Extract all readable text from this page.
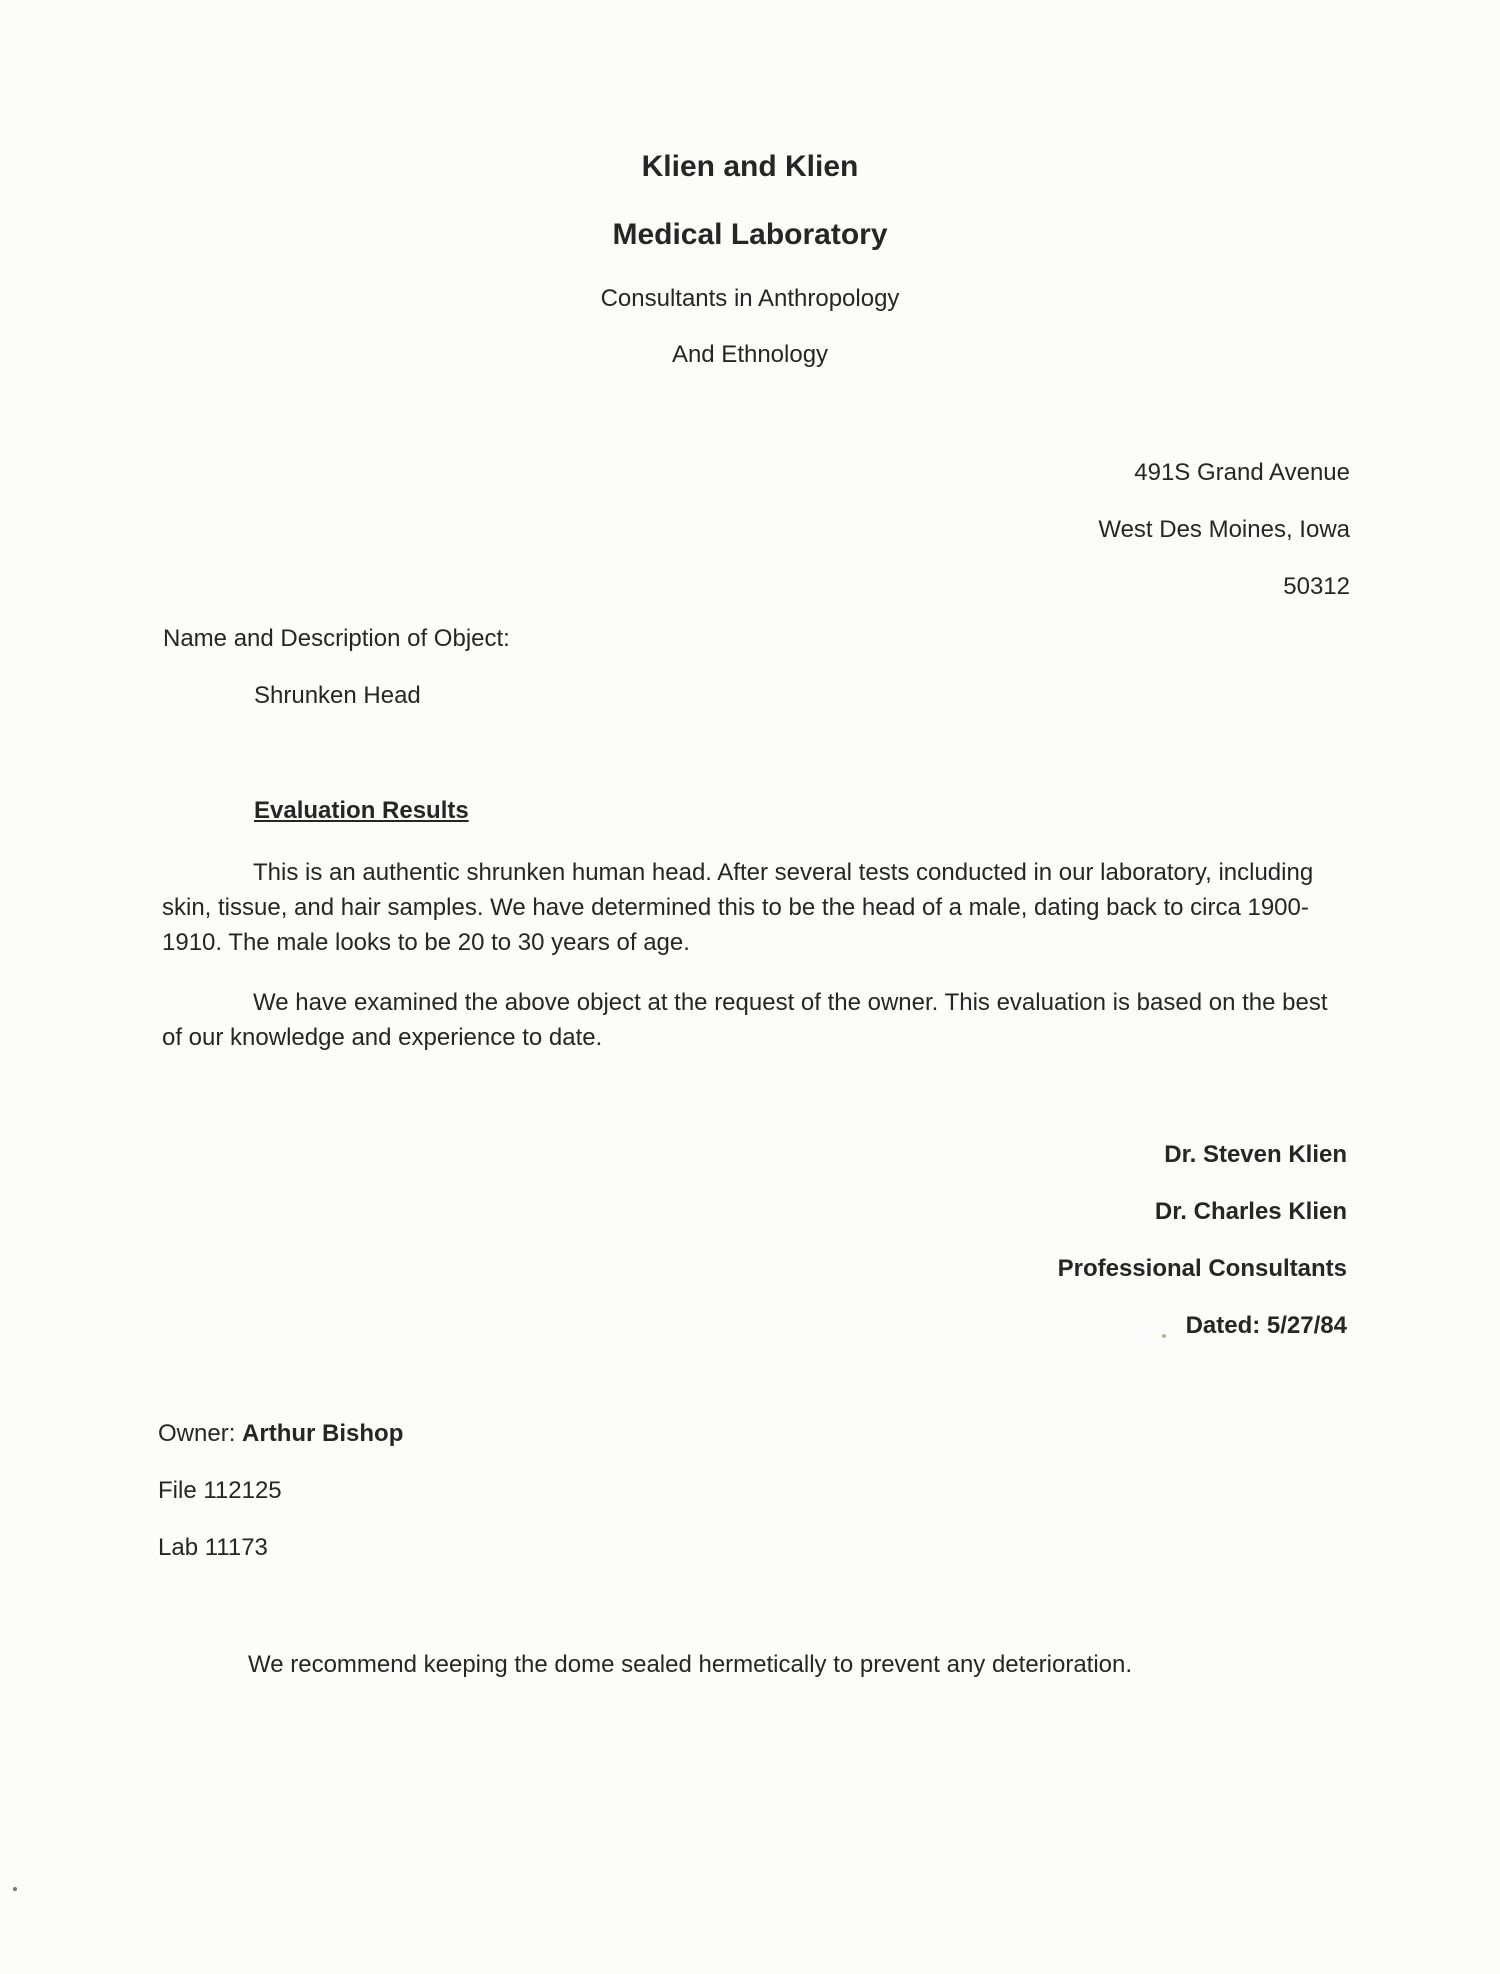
Klien and Klien

Medical Laboratory

Consultants in Anthropology

And Ethnology

491S Grand Avenue

West Des Moines, Iowa

50312

Name and Description of Object:

Shrunken Head

Evaluation Results

This is an authentic shrunken human head. After several tests conducted in our laboratory, including skin, tissue, and hair samples. We have determined this to be the head of a male, dating back to circa 1900-1910. The male looks to be 20 to 30 years of age.

We have examined the above object at the request of the owner. This evaluation is based on the best of our knowledge and experience to date.

Dr. Steven Klien

Dr. Charles Klien

Professional Consultants

Dated: 5/27/84

Owner: Arthur Bishop

File 112125

Lab 11173

We recommend keeping the dome sealed hermetically to prevent any deterioration.
